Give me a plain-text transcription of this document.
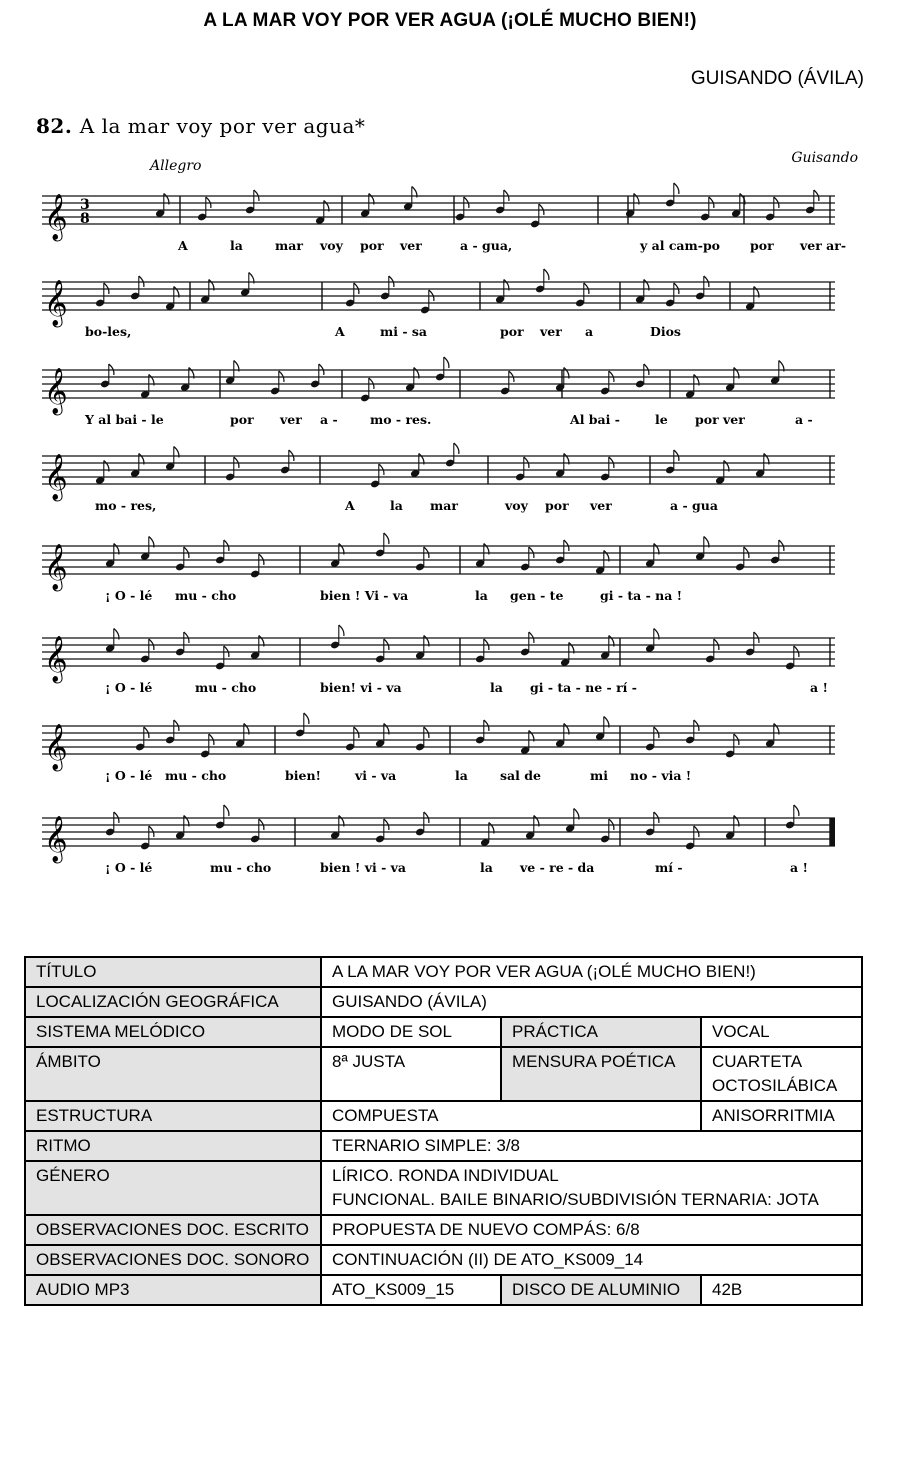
A LA MAR VOY POR VER AGUA (¡OLÉ MUCHO BIEN!)
GUISANDO (ÁVILA)
82. A la mar voy por ver agua*
Allegro	Guisando
𝄞 3
8
A	la	mar voy por ver	a - gua,	y al cam-po por ver ar-
𝄞
bo-les,	A	mi - sa	por ver a	Dios
𝄞
Y al bai - le	por ver a -	mo - res.	Al bai -	le por ver	a -
𝄞
mo - res,	A	la mar	voy por ver	a - gua
𝄞
¡ O - lé mu - cho	bien ! Vi - va	la gen - te	gi - ta - na !
𝄞
¡ O - lé	mu - cho	bien! vi - va	la gi - ta - ne - rí -	a !
𝄞
¡ O - lé mu - cho	bien!	vi - va	la	sal de	mi no - via !
𝄞
¡ O - lé	mu - cho	bien ! vi - va	la ve - re - da	mí -	a !
TÍTULO	A LA MAR VOY POR VER AGUA (¡OLÉ MUCHO BIEN!)		
LOCALIZACIÓN GEOGRÁFICA	GUISANDO (ÁVILA)		
SISTEMA MELÓDICO	MODO DE SOL	PRÁCTICA	VOCAL
ÁMBITO	8ª JUSTA	MENSURA POÉTICA	CUARTETA
OCTOSILÁBICA
ESTRUCTURA	COMPUESTA		ANISORRITMIA
RITMO	TERNARIO SIMPLE: 3/8		
GÉNERO	LÍRICO. RONDA INDIVIDUAL
FUNCIONAL. BAILE BINARIO/SUBDIVISIÓN TERNARIA: JOTA		
OBSERVACIONES DOC. ESCRITO	PROPUESTA DE NUEVO COMPÁS: 6/8		
OBSERVACIONES DOC. SONORO	CONTINUACIÓN (II) DE ATO_KS009_14		
AUDIO MP3	ATO_KS009_15	DISCO DE ALUMINIO	42B
